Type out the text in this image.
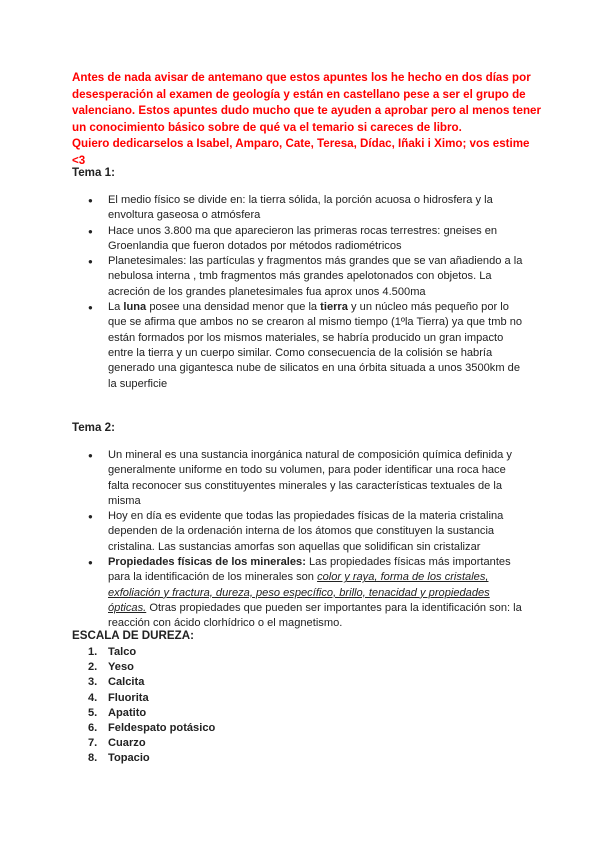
Antes de nada avisar de antemano que estos apuntes los he hecho en dos días por

desesperación al examen de geología y están en castellano pese a ser el grupo de

valenciano. Estos apuntes dudo mucho que te ayuden a aprobar pero al menos tener

un conocimiento básico sobre de qué va el temario si careces de libro.

Quiero dedicarselos a Isabel, Amparo, Cate, Teresa, Dídac, Iñaki i Ximo; vos estime <3

Tema 1:

● El medio físico se divide en: la tierra sólida, la porción acuosa o hidrosfera y la envoltura gaseosa o atmósfera
● Hace unos 3.800 ma que aparecieron las primeras rocas terrestres: gneises en Groenlandia que fueron dotados por métodos radiométricos
● Planetesimales: las partículas y fragmentos más grandes que se van añadiendo a la nebulosa interna , tmb fragmentos más grandes apelotonados con objetos. La acreción de los grandes planetesimales fua aprox unos 4.500ma
● La luna posee una densidad menor que la tierra y un núcleo más pequeño por lo que se afirma que ambos no se crearon al mismo tiempo (1ºla Tierra) ya que tmb no están formados por los mismos materiales, se habría producido un gran impacto entre la tierra y un cuerpo similar. Como consecuencia de la colisión se habría generado una gigantesca nube de silicatos en una órbita situada a unos 3500km de la superficie

Tema 2:

● Un mineral es una sustancia inorgánica natural de composición química definida y generalmente uniforme en todo su volumen, para poder identificar una roca hace falta reconocer sus constituyentes minerales y las características textuales de la misma
● Hoy en día es evidente que todas las propiedades físicas de la materia cristalina dependen de la ordenación interna de los átomos que constituyen la sustancia cristalina. Las sustancias amorfas son aquellas que solidifican sin cristalizar
● Propiedades físicas de los minerales: Las propiedades físicas más importantes para la identificación de los minerales son color y raya, forma de los cristales, exfoliación y fractura, dureza, peso específico, brillo, tenacidad y propiedades ópticas. Otras propiedades que pueden ser importantes para la identificación son: la reacción con ácido clorhídrico o el magnetismo.

ESCALA DE DUREZA:

1. Talco
2. Yeso
3. Calcita
4. Fluorita
5. Apatito
6. Feldespato potásico
7. Cuarzo
8. Topacio
